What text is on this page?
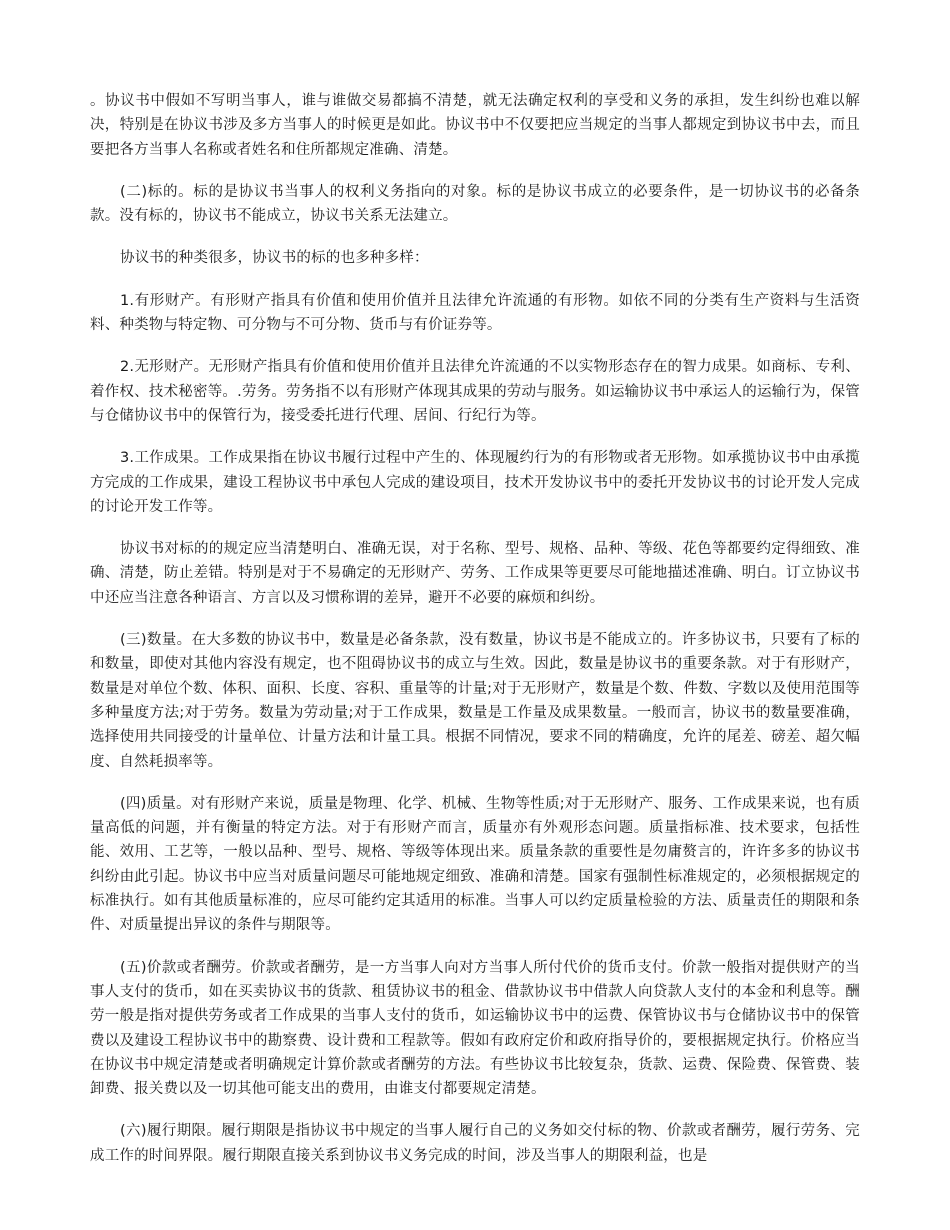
。协议书中假如不写明当事人，谁与谁做交易都搞不清楚，就无法确定权利的享受和义务的承担，发生纠纷也难以解决，特别是在协议书涉及多方当事人的时候更是如此。协议书中不仅要把应当规定的当事人都规定到协议书中去，而且要把各方当事人名称或者姓名和住所都规定准确、清楚。

(二)标的。标的是协议书当事人的权利义务指向的对象。标的是协议书成立的必要条件，是一切协议书的必备条款。没有标的，协议书不能成立，协议书关系无法建立。

协议书的种类很多，协议书的标的也多种多样：

1.有形财产。有形财产指具有价值和使用价值并且法律允许流通的有形物。如依不同的分类有生产资料与生活资料、种类物与特定物、可分物与不可分物、货币与有价证券等。

2.无形财产。无形财产指具有价值和使用价值并且法律允许流通的不以实物形态存在的智力成果。如商标、专利、着作权、技术秘密等。.劳务。劳务指不以有形财产体现其成果的劳动与服务。如运输协议书中承运人的运输行为，保管与仓储协议书中的保管行为，接受委托进行代理、居间、行纪行为等。

3.工作成果。工作成果指在协议书履行过程中产生的、体现履约行为的有形物或者无形物。如承揽协议书中由承揽方完成的工作成果，建设工程协议书中承包人完成的建设项目，技术开发协议书中的委托开发协议书的讨论开发人完成的讨论开发工作等。

协议书对标的的规定应当清楚明白、准确无误，对于名称、型号、规格、品种、等级、花色等都要约定得细致、准确、清楚，防止差错。特别是对于不易确定的无形财产、劳务、工作成果等更要尽可能地描述准确、明白。订立协议书中还应当注意各种语言、方言以及习惯称谓的差异，避开不必要的麻烦和纠纷。

(三)数量。在大多数的协议书中，数量是必备条款，没有数量，协议书是不能成立的。许多协议书，只要有了标的和数量，即使对其他内容没有规定，也不阻碍协议书的成立与生效。因此，数量是协议书的重要条款。对于有形财产，数量是对单位个数、体积、面积、长度、容积、重量等的计量;对于无形财产，数量是个数、件数、字数以及使用范围等多种量度方法;对于劳务。数量为劳动量;对于工作成果，数量是工作量及成果数量。一般而言，协议书的数量要准确，选择使用共同接受的计量单位、计量方法和计量工具。根据不同情况，要求不同的精确度，允许的尾差、磅差、超欠幅度、自然耗损率等。

(四)质量。对有形财产来说，质量是物理、化学、机械、生物等性质;对于无形财产、服务、工作成果来说，也有质量高低的问题，并有衡量的特定方法。对于有形财产而言，质量亦有外观形态问题。质量指标准、技术要求，包括性能、效用、工艺等，一般以品种、型号、规格、等级等体现出来。质量条款的重要性是勿庸赘言的，许许多多的协议书纠纷由此引起。协议书中应当对质量问题尽可能地规定细致、准确和清楚。国家有强制性标准规定的，必须根据规定的标准执行。如有其他质量标准的，应尽可能约定其适用的标准。当事人可以约定质量检验的方法、质量责任的期限和条件、对质量提出异议的条件与期限等。

(五)价款或者酬劳。价款或者酬劳，是一方当事人向对方当事人所付代价的货币支付。价款一般指对提供财产的当事人支付的货币，如在买卖协议书的货款、租赁协议书的租金、借款协议书中借款人向贷款人支付的本金和利息等。酬劳一般是指对提供劳务或者工作成果的当事人支付的货币，如运输协议书中的运费、保管协议书与仓储协议书中的保管费以及建设工程协议书中的勘察费、设计费和工程款等。假如有政府定价和政府指导价的，要根据规定执行。价格应当在协议书中规定清楚或者明确规定计算价款或者酬劳的方法。有些协议书比较复杂，货款、运费、保险费、保管费、装卸费、报关费以及一切其他可能支出的费用，由谁支付都要规定清楚。

(六)履行期限。履行期限是指协议书中规定的当事人履行自己的义务如交付标的物、价款或者酬劳，履行劳务、完成工作的时间界限。履行期限直接关系到协议书义务完成的时间，涉及当事人的期限利益，也是
